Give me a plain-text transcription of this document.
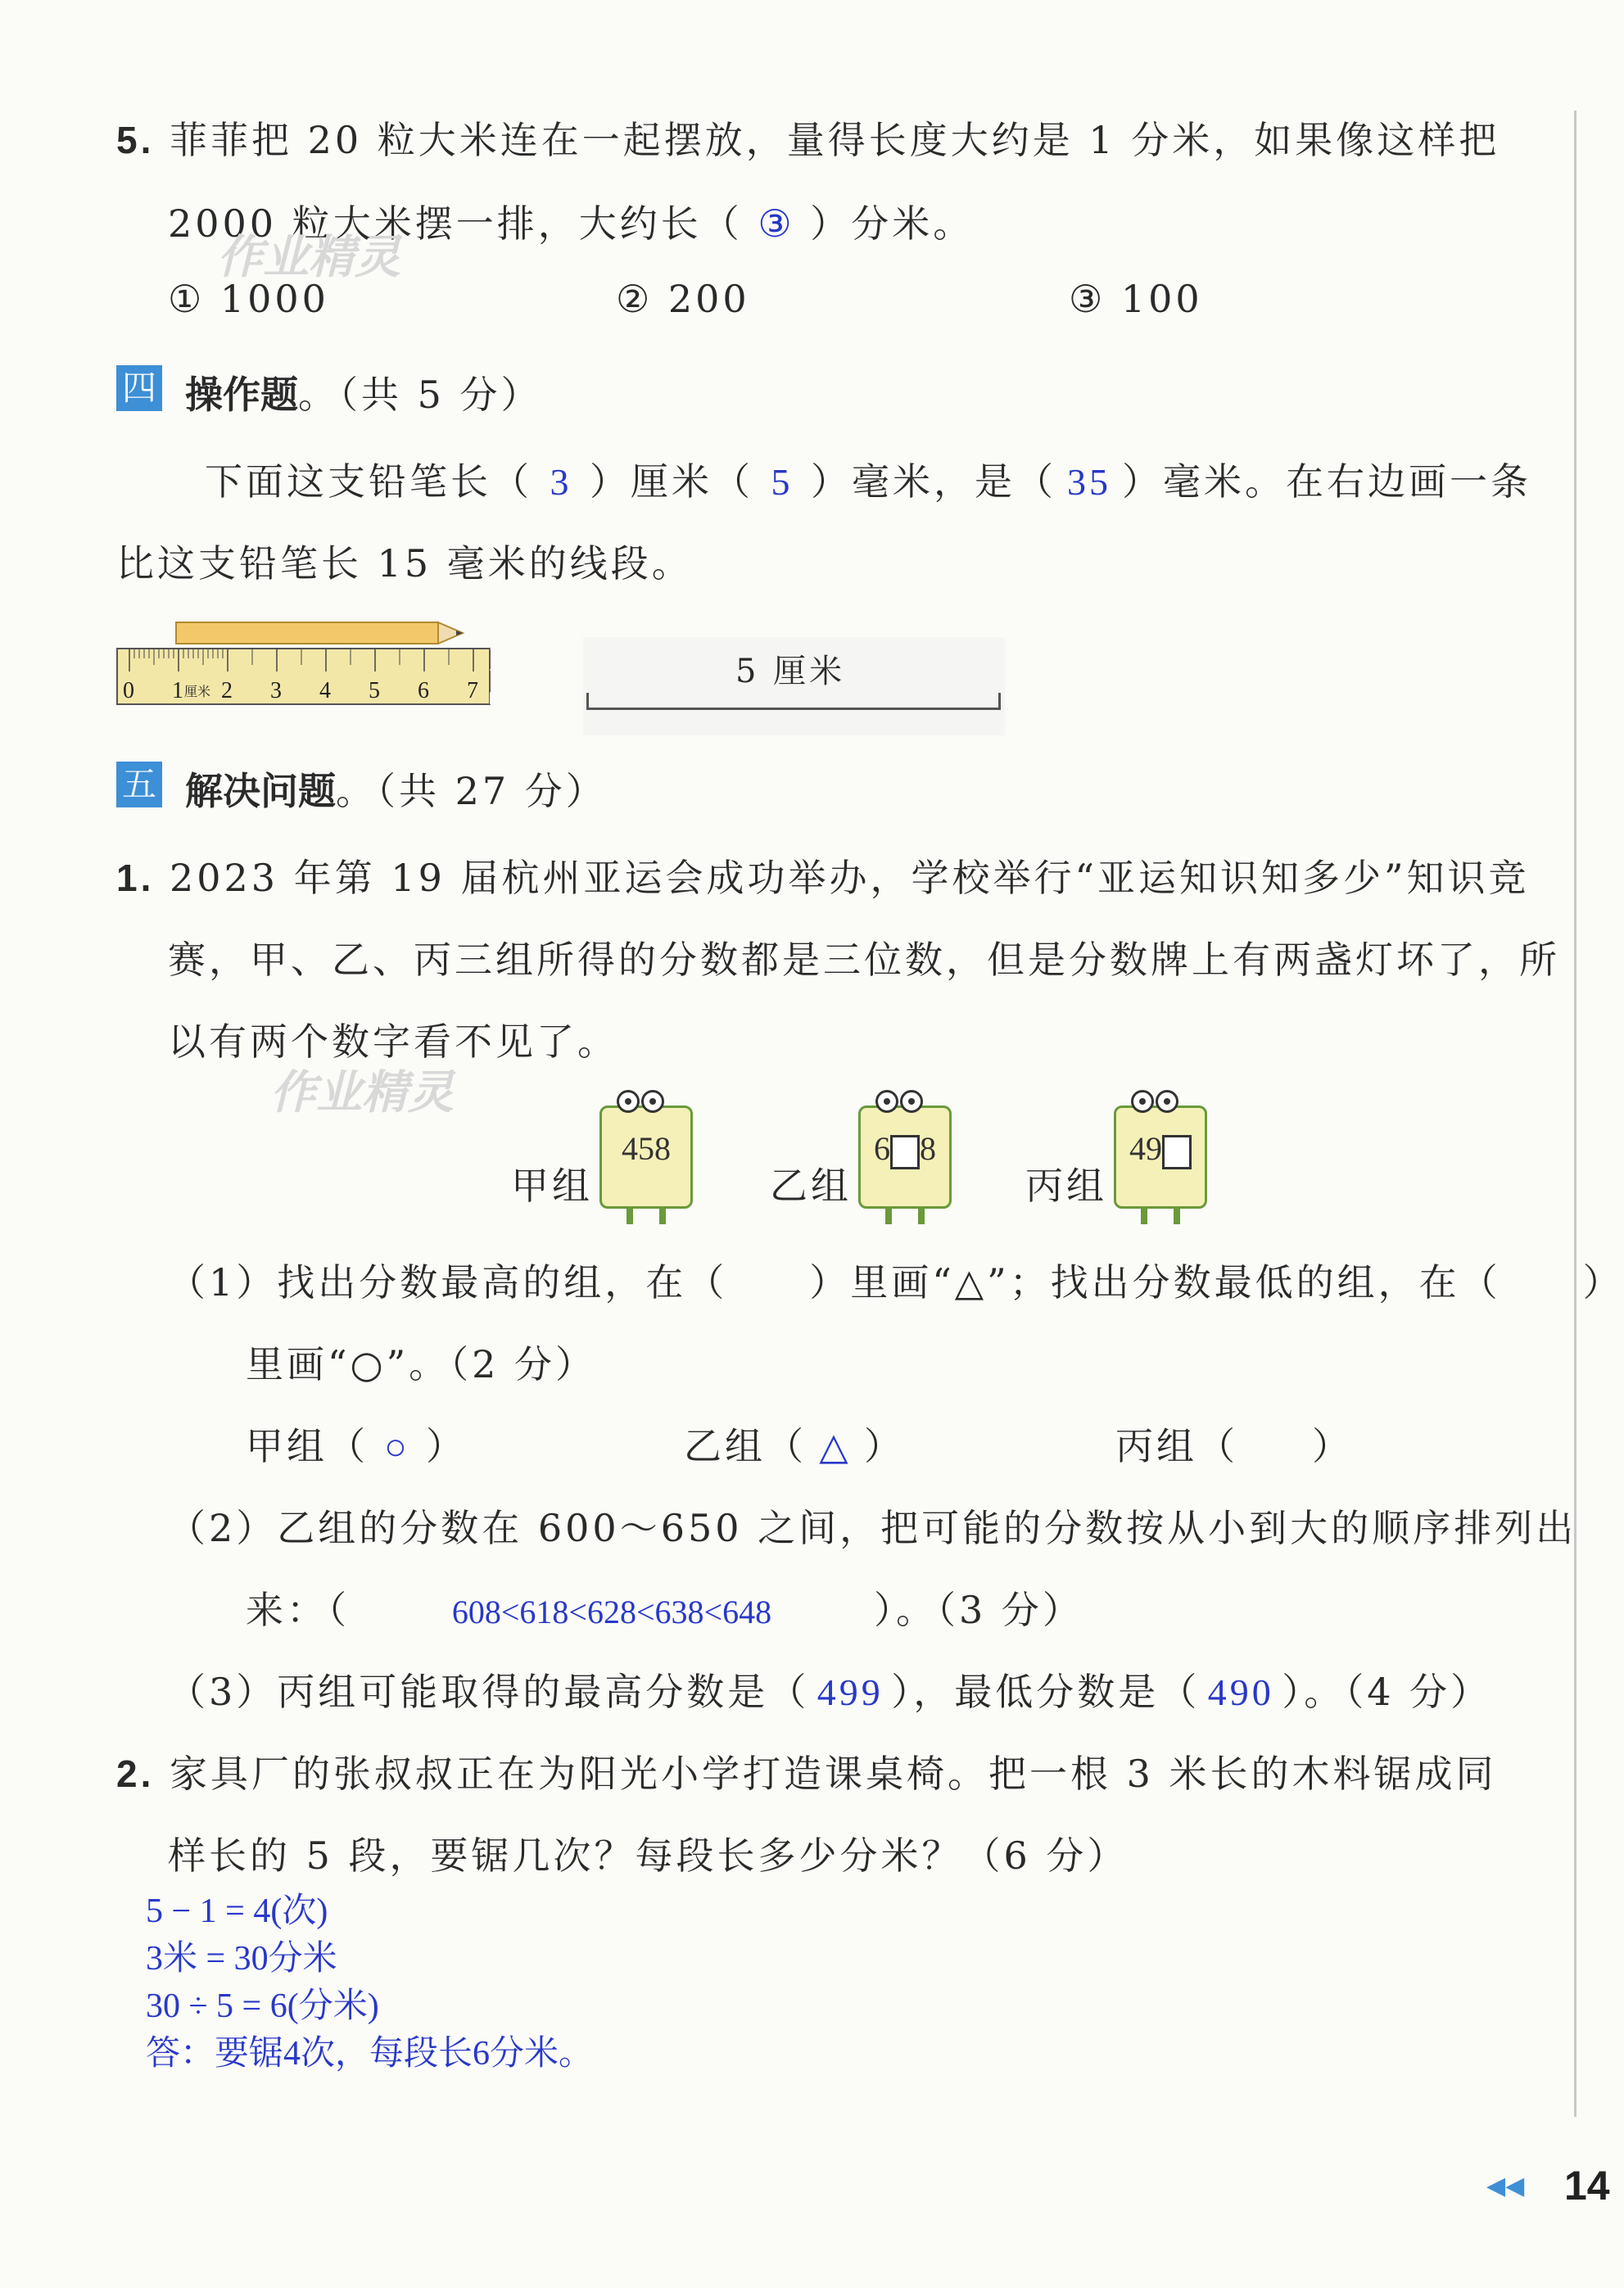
5. 菲菲把 20 粒大米连在一起摆放，量得长度大约是 1 分米，如果像这样把
2000 粒大米摆一排，大约长（ ③ ）分米。
作业精灵
① 1000	② 200	③ 100
四 操作题。（共 5 分）
下面这支铅笔长（ 3 ）厘米（ 5 ）毫米，是（ 35 ）毫米。在右边画一条
比这支铅笔长 15 毫米的线段。
0 1 厘米 2 3 4 5 6 7
5 厘米
五 解决问题。（共 27 分）
1. 2023 年第 19 届杭州亚运会成功举办，学校举行“亚运知识知多少”知识竞
赛，甲、乙、丙三组所得的分数都是三位数，但是分数牌上有两盏灯坏了，所
以有两个数字看不见了。
作业精灵
甲组
458
乙组
6 8
丙组
49
（1）找出分数最高的组，在（　　）里画“△”；找出分数最低的组，在（　　）
里画“○”。（2 分）
甲组（ ○ ）	乙组（ △ ）	丙组（ ）
（2）乙组的分数在 600～650 之间，把可能的分数按从小到大的顺序排列出
来：（	608<618<628<638<648	）。（3 分）
（3）丙组可能取得的最高分数是（ 499 ），最低分数是（ 490 ）。（4 分）
2. 家具厂的张叔叔正在为阳光小学打造课桌椅。把一根 3 米长的木料锯成同
样长的 5 段，要锯几次？每段长多少分米？（6 分）
5 − 1 = 4(次)
3米 = 30分米
30 ÷ 5 = 6(分米)
答：要锯4次，每段长6分米。
◀◀ 14
